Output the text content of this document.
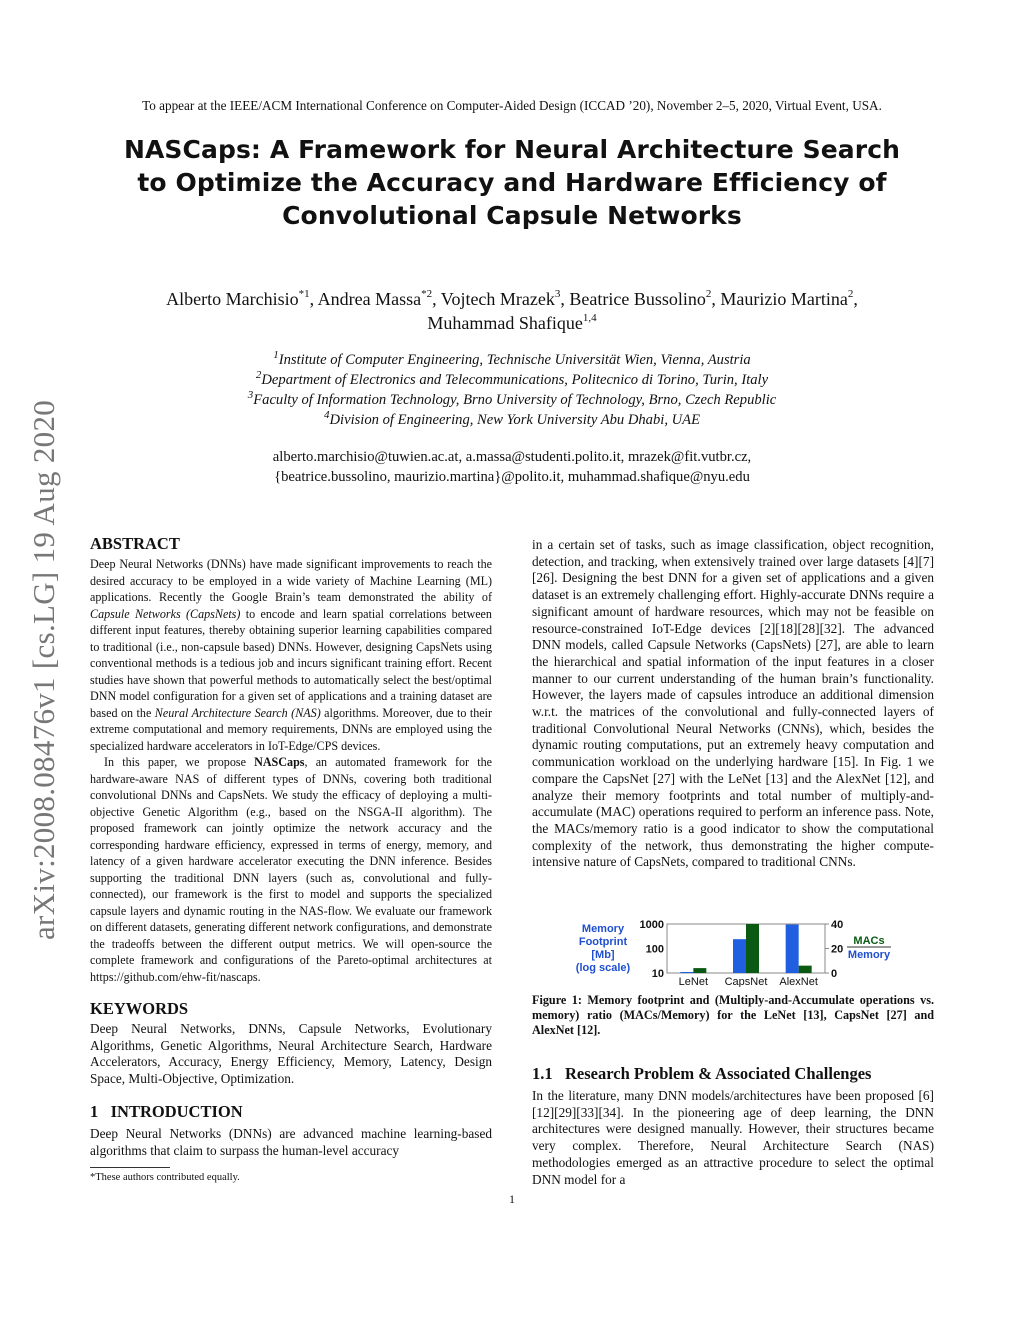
To appear at the IEEE/ACM International Conference on Computer-Aided Design (ICCAD ’20), November 2–5, 2020, Virtual Event, USA.
NASCaps: A Framework for Neural Architecture Search
to Optimize the Accuracy and Hardware Efficiency of
Convolutional Capsule Networks
Alberto Marchisio$^{*1}$, Andrea Massa$^{*2}$, Vojtech Mrazek$^3$, Beatrice Bussolino$^2$, Maurizio Martina$^2$,
Muhammad Shafique$^{1,4}$
$^1$Institute of Computer Engineering, Technische Universität Wien, Vienna, Austria
$^2$Department of Electronics and Telecommunications, Politecnico di Torino, Turin, Italy
$^3$Faculty of Information Technology, Brno University of Technology, Brno, Czech Republic
$^4$Division of Engineering, New York University Abu Dhabi, UAE
alberto.marchisio@tuwien.ac.at, a.massa@studenti.polito.it, mrazek@fit.vutbr.cz,
{beatrice.bussolino, maurizio.martina}@polito.it, muhammad.shafique@nyu.edu
arXiv:2008.08476v1 [cs.LG] 19 Aug 2020 ABSTRACT

Deep Neural Networks (DNNs) have made significant improvements to reach the desired accuracy to be employed in a wide variety of Machine Learning (ML) applications. Recently the Google Brain’s team demonstrated the ability of Capsule Networks (CapsNets) to encode and learn spatial correlations between different input features, thereby obtaining superior learning capabilities compared to traditional (i.e., non-capsule based) DNNs. However, designing CapsNets using conventional methods is a tedious job and incurs significant training effort. Recent studies have shown that powerful methods to automatically select the best/optimal DNN model configuration for a given set of applications and a training dataset are based on the Neural Architecture Search (NAS) algorithms. Moreover, due to their extreme computational and memory requirements, DNNs are employed using the specialized hardware accelerators in IoT-Edge/CPS devices.

In this paper, we propose NASCaps, an automated framework for the hardware-aware NAS of different types of DNNs, covering both traditional convolutional DNNs and CapsNets. We study the efficacy of deploying a multi-objective Genetic Algorithm (e.g., based on the NSGA-II algorithm). The proposed framework can jointly optimize the network accuracy and the corresponding hardware efficiency, expressed in terms of energy, memory, and latency of a given hardware accelerator executing the DNN inference. Besides supporting the traditional DNN layers (such as, convolutional and fully-connected), our framework is the first to model and supports the specialized capsule layers and dynamic routing in the NAS-flow. We evaluate our framework on different datasets, generating different network configurations, and demonstrate the tradeoffs between the different output metrics. We will open-source the complete framework and configurations of the Pareto-optimal architectures at https://github.com/ehw-fit/nascaps.

KEYWORDS
Deep Neural Networks, DNNs, Capsule Networks, Evolutionary Algorithms, Genetic Algorithms, Neural Architecture Search, Hardware Accelerators, Accuracy, Energy Efficiency, Memory, Latency, Design Space, Multi-Objective, Optimization.
1 INTRODUCTION
Deep Neural Networks (DNNs) are advanced machine learning-based algorithms that claim to surpass the human-level accuracy
*These authors contributed equally.
1
in a certain set of tasks, such as image classification, object recognition, detection, and tracking, when extensively trained over large datasets [4][7][26]. Designing the best DNN for a given set of applications and a given dataset is an extremely challenging effort. Highly-accurate DNNs require a significant amount of hardware resources, which may not be feasible on resource-constrained IoT-Edge devices [2][18][28][32]. The advanced DNN models, called Capsule Networks (CapsNets) [27], are able to learn the hierarchical and spatial information of the input features in a closer manner to our current understanding of the human brain’s functionality. However, the layers made of capsules introduce an additional dimension w.r.t. the matrices of the convolutional and fully-connected layers of traditional Convolutional Neural Networks (CNNs), which, besides the dynamic routing computations, put an extremely heavy computation and communication workload on the underlying hardware [15]. In Fig. 1 we compare the CapsNet [27] with the LeNet [13] and the AlexNet [12], and analyze their memory footprints and total number of multiply-and-accumulate (MAC) operations required to perform an inference pass. Note, the MACs/memory ratio is a good indicator to show the computational complexity of the network, thus demonstrating the higher compute-intensive nature of CapsNets, compared to traditional CNNs.
Memory
Footprint
[Mb]
(log scale) 10
100
1000
LeNet CapsNet AlexNet
0
20
40
MACs
Memory
Figure 1: Memory footprint and (Multiply-and-Accumulate operations vs. memory) ratio (MACs/Memory) for the LeNet [13], CapsNet [27] and AlexNet [12].
1.1 Research Problem & Associated Challenges
In the literature, many DNN models/architectures have been proposed [6][12][29][33][34]. In the pioneering age of deep learning, the DNN architectures were designed manually. However, their structures became very complex. Therefore, Neural Architecture Search (NAS) methodologies emerged as an attractive procedure to select the optimal DNN model for a
